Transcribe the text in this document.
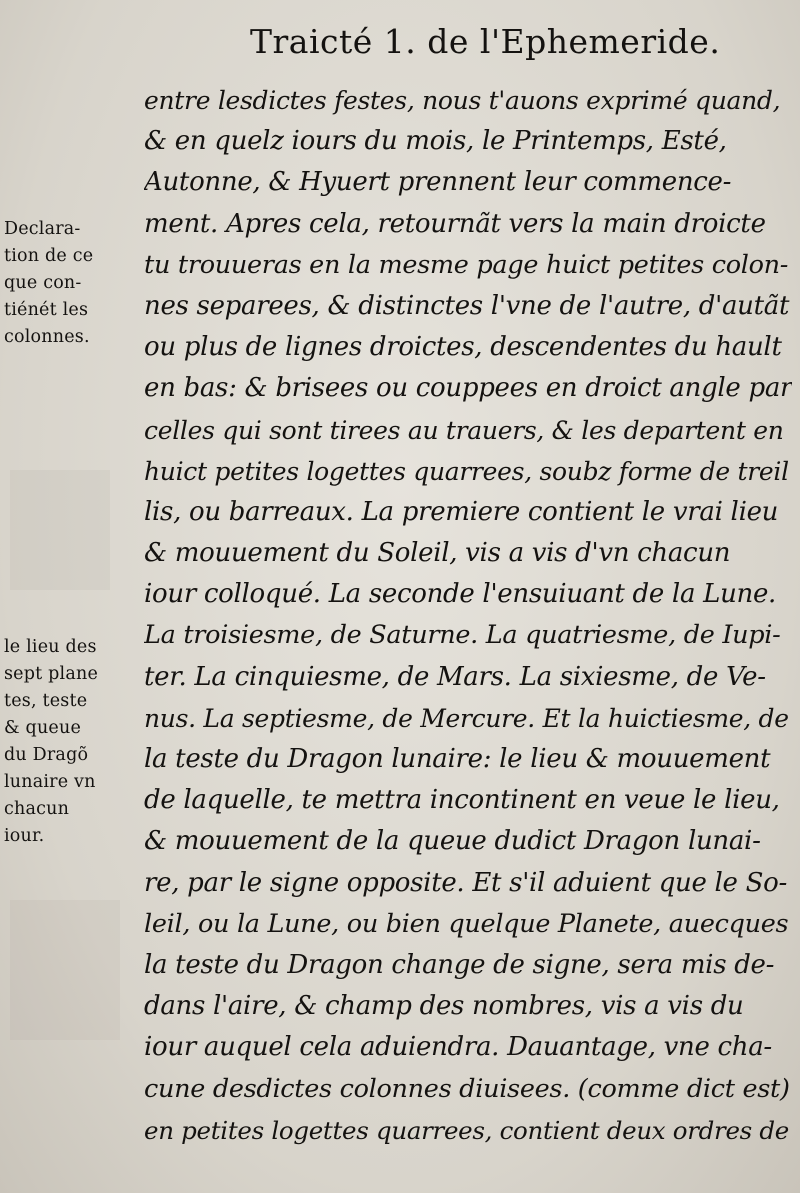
Traicté 1. de l'Ephemeride.
Declara-
tion de ce
que con-
tiénét les
colonnes.
le lieu des
sept plane
tes, teste
& queue
du Dragõ
lunaire vn
chacun
iour.
entre lesdictes festes, nous t'auons exprimé quand,
& en quelz iours du mois, le Printemps, Esté,
Autonne, & Hyuert prennent leur commence-
ment. Apres cela, retournãt vers la main droicte
tu trouueras en la mesme page huict petites colon-
nes separees, & distinctes l'vne de l'autre, d'autãt
ou plus de lignes droictes, descendentes du hault
en bas: & brisees ou couppees en droict angle par
celles qui sont tirees au trauers, & les departent en
huict petites logettes quarrees, soubz forme de treil
lis, ou barreaux. La premiere contient le vrai lieu
& mouuement du Soleil, vis a vis d'vn chacun
iour colloqué. La seconde l'ensuiuant de la Lune.
La troisiesme, de Saturne. La quatriesme, de Iupi-
ter. La cinquiesme, de Mars. La sixiesme, de Ve-
nus. La septiesme, de Mercure. Et la huictiesme, de
la teste du Dragon lunaire: le lieu & mouuement
de laquelle, te mettra incontinent en veue le lieu,
& mouuement de la queue dudict Dragon lunai-
re, par le signe opposite. Et s'il aduient que le So-
leil, ou la Lune, ou bien quelque Planete, auecques
la teste du Dragon change de signe, sera mis de-
dans l'aire, & champ des nombres, vis a vis du
iour auquel cela aduiendra. Dauantage, vne cha-
cune desdictes colonnes diuisees. (comme dict est)
en petites logettes quarrees, contient deux ordres de
